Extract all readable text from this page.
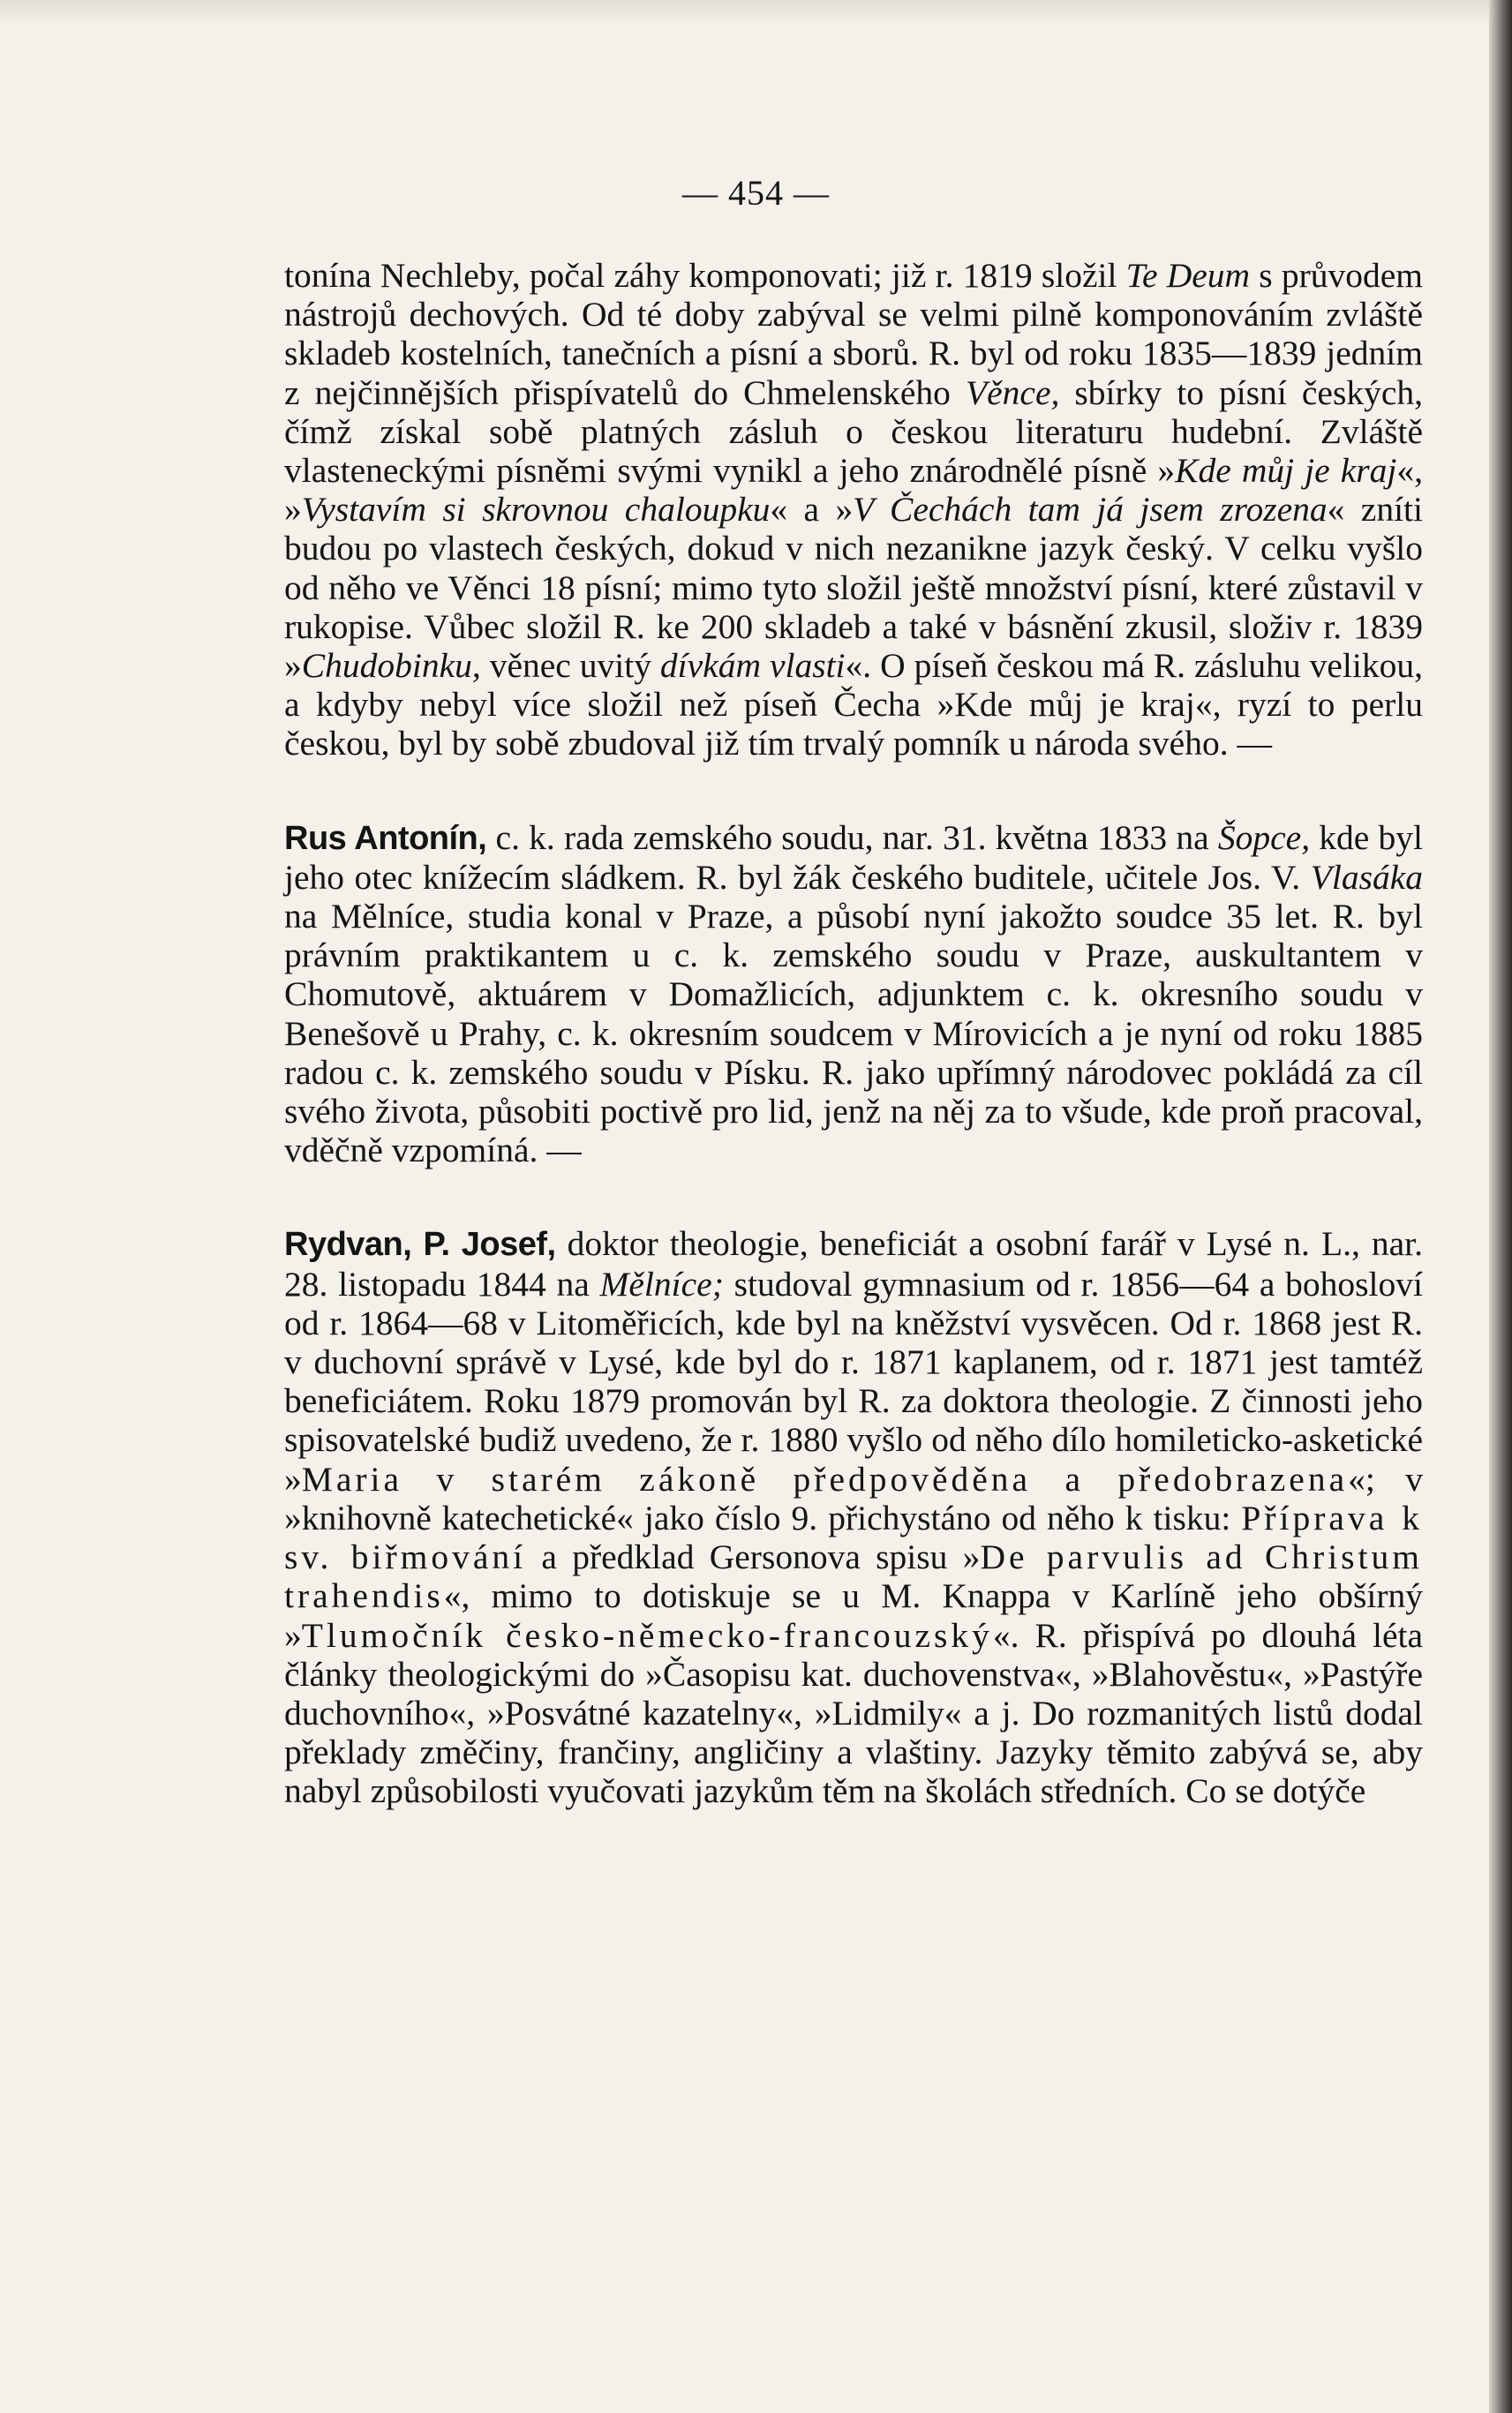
— 454 —

tonína Nechleby, počal záhy komponovati; již r. 1819 složil Te Deum s průvodem nástrojů dechových. Od té doby zabýval se velmi pilně komponováním zvláště skladeb kostelních, tanečních a písní a sborů. R. byl od roku 1835—1839 jedním z nejčinnějších přispívatelů do Chmelenského Věnce, sbírky to písní českých, čímž získal sobě platných zásluh o českou literaturu hudební. Zvláště vlasteneckými písněmi svými vynikl a jeho znárodnělé písně »Kde můj je kraj«, »Vystavím si skrovnou chaloupku« a »V Čechách tam já jsem zrozena« zníti budou po vlastech českých, dokud v nich nezanikne jazyk český. V celku vyšlo od něho ve Věnci 18 písní; mimo tyto složil ještě množství písní, které zůstavil v rukopise. Vůbec složil R. ke 200 skladeb a také v básnění zkusil, složiv r. 1839 »Chudobinku, věnec uvitý dívkám vlasti«. O píseň českou má R. zásluhu velikou, a kdyby nebyl více složil než píseň Čecha »Kde můj je kraj«, ryzí to perlu českou, byl by sobě zbudoval již tím trvalý pomník u národa svého. —

Rus Antonín, c. k. rada zemského soudu, nar. 31. května 1833 na Šopce, kde byl jeho otec knížecím sládkem. R. byl žák českého buditele, učitele Jos. V. Vlasáka na Mělníce, studia konal v Praze, a působí nyní jakožto soudce 35 let. R. byl právním praktikantem u c. k. zemského soudu v Praze, auskultantem v Chomutově, aktuárem v Domažlicích, adjunktem c. k. okresního soudu v Benešově u Prahy, c. k. okresním soudcem v Mírovicích a je nyní od roku 1885 radou c. k. zemského soudu v Písku. R. jako upřímný národovec pokládá za cíl svého života, působiti poctivě pro lid, jenž na něj za to všude, kde proň pracoval, vděčně vzpomíná. —

Rydvan, P. Josef, doktor theologie, beneficiát a osobní farář v Lysé n. L., nar. 28. listopadu 1844 na Mělníce; studoval gymnasium od r. 1856—64 a bohosloví od r. 1864—68 v Litoměřicích, kde byl na kněžství vysvěcen. Od r. 1868 jest R. v duchovní správě v Lysé, kde byl do r. 1871 kaplanem, od r. 1871 jest tamtéž beneficiátem. Roku 1879 promován byl R. za doktora theologie. Z činnosti jeho spisovatelské budiž uvedeno, že r. 1880 vyšlo od něho dílo homileticko-asketické »Maria v starém zákoně předpověděna a předobrazena«; v »knihovně katechetické« jako číslo 9. přichystáno od něho k tisku: Příprava k sv. biřmování a předklad Gersonova spisu »De parvulis ad Christum trahendis«, mimo to dotiskuje se u M. Knappa v Karlíně jeho obšírný »Tlumočník česko-německo-francouzský«. R. přispívá po dlouhá léta články theologickými do »Časopisu kat. duchovenstva«, »Blahověstu«, »Pastýře duchovního«, »Posvátné kazatelny«, »Lidmily« a j. Do rozmanitých listů dodal překlady změčiny, frančiny, angličiny a vlaštiny. Jazyky těmito zabývá se, aby nabyl způsobilosti vyučovati jazykům těm na školách středních. Co se dotýče
